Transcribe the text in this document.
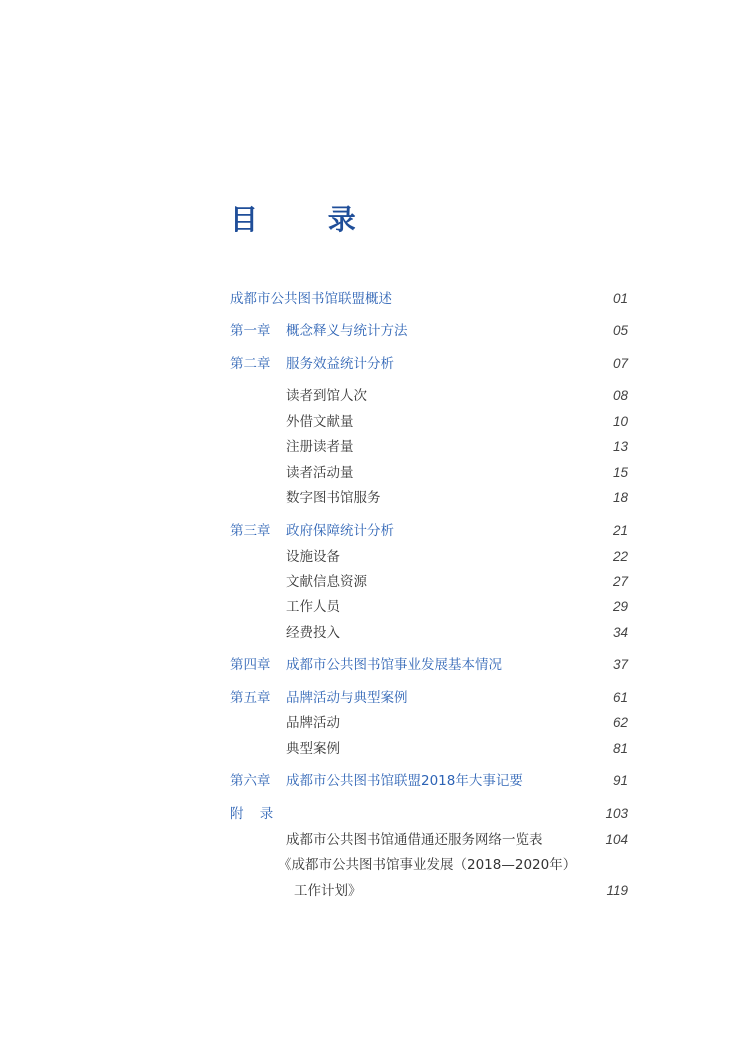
目 录
成都市公共图书馆联盟概述	01
第一章 概念释义与统计方法	05
第二章 服务效益统计分析	07
读者到馆人次	08
外借文献量	10
注册读者量	13
读者活动量	15
数字图书馆服务	18
第三章 政府保障统计分析	21
设施设备	22
文献信息资源	27
工作人员	29
经费投入	34
第四章 成都市公共图书馆事业发展基本情况	37
第五章 品牌活动与典型案例	61
品牌活动	62
典型案例	81
第六章 成都市公共图书馆联盟2018年大事记要	91
附 录	103
成都市公共图书馆通借通还服务网络一览表	104
《成都市公共图书馆事业发展（2018—2020年）
工作计划》	119
